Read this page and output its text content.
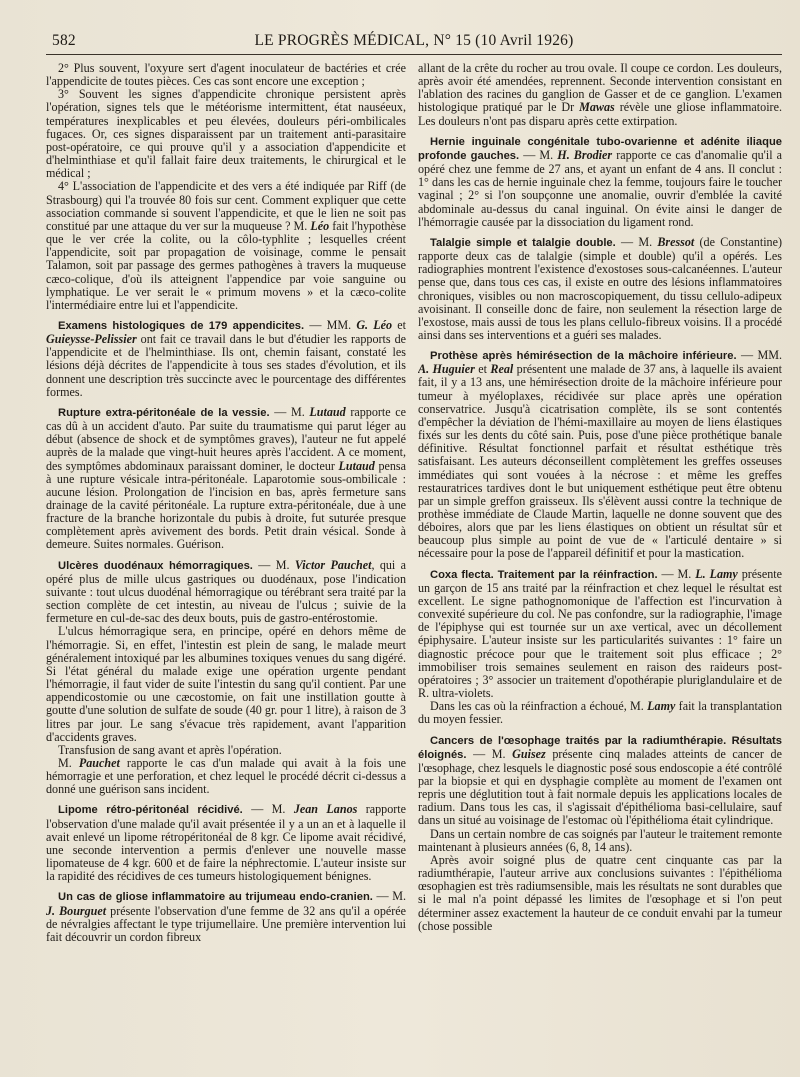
582	LE PROGRÈS MÉDICAL, N° 15 (10 Avril 1926)

2° Plus souvent, l'oxyure sert d'agent inoculateur de bactéries et crée l'appendicite de toutes pièces. Ces cas sont encore une exception ;

3° Souvent les signes d'appendicite chronique persistent après l'opération, signes tels que le météorisme intermittent, état nauséeux, températures inexplicables et peu élevées, douleurs péri-ombilicales fugaces. Or, ces signes disparaissent par un traitement anti-parasitaire post-opératoire, ce qui prouve qu'il y a association d'appendicite et d'helminthiase et qu'il fallait faire deux traitements, le chirurgical et le médical ;

4° L'association de l'appendicite et des vers a été indiquée par Riff (de Strasbourg) qui l'a trouvée 80 fois sur cent. Comment expliquer que cette association commande si souvent l'appendicite, et que le lien ne soit pas constitué par une attaque du ver sur la muqueuse ? M. Léo fait l'hypothèse que le ver crée la colite, ou la côlo-typhlite ; lesquelles créent l'appendicite, soit par propagation de voisinage, comme le pensait Talamon, soit par passage des germes pathogènes à travers la muqueuse cæco-colique, d'où ils atteignent l'appendice par voie sanguine ou lymphatique. Le ver serait le « primum movens » et la cæco-colite l'intermédiaire entre lui et l'appendicite.

Examens histologiques de 179 appendicites. — MM. G. Léo et Guieysse-Pelissier ont fait ce travail dans le but d'étudier les rapports de l'appendicite et de l'helminthiase. Ils ont, chemin faisant, constaté les lésions déjà décrites de l'appendicite à tous ses stades d'évolution, et ils donnent une description très succincte avec le pourcentage des différentes formes.

Rupture extra-péritonéale de la vessie. — M. Lutaud rapporte ce cas dû à un accident d'auto. Par suite du traumatisme qui parut léger au début (absence de shock et de symptômes graves), l'auteur ne fut appelé auprès de la malade que vingt-huit heures après l'accident. A ce moment, des symptômes abdominaux paraissant dominer, le docteur Lutaud pensa à une rupture vésicale intra-péritonéale. Laparotomie sous-ombilicale : aucune lésion. Prolongation de l'incision en bas, après fermeture sans drainage de la cavité péritonéale. La rupture extra-péritonéale, due à une fracture de la branche horizontale du pubis à droite, fut suturée presque complètement après avivement des bords. Petit drain vésical. Sonde à demeure. Suites normales. Guérison.

Ulcères duodénaux hémorragiques. — M. Victor Pauchet, qui a opéré plus de mille ulcus gastriques ou duodénaux, pose l'indication suivante : tout ulcus duodénal hémorragique ou térébrant sera traité par la section complète de cet intestin, au niveau de l'ulcus ; suivie de la fermeture en cul-de-sac des deux bouts, puis de gastro-entérostomie.

L'ulcus hémorragique sera, en principe, opéré en dehors même de l'hémorragie. Si, en effet, l'intestin est plein de sang, le malade meurt généralement intoxiqué par les albumines toxiques venues du sang digéré. Si l'état général du malade exige une opération urgente pendant l'hémorragie, il faut vider de suite l'intestin du sang qu'il contient. Par une appendicostomie ou une cæcostomie, on fait une instillation goutte à goutte d'une solution de sulfate de soude (40 gr. pour 1 litre), à raison de 3 litres par jour. Le sang s'évacue très rapidement, avant l'apparition d'accidents graves.

Transfusion de sang avant et après l'opération.

M. Pauchet rapporte le cas d'un malade qui avait à la fois une hémorragie et une perforation, et chez lequel le procédé décrit ci-dessus a donné une guérison sans incident.

Lipome rétro-péritonéal récidivé. — M. Jean Lanos rapporte l'observation d'une malade qu'il avait présentée il y a un an et à laquelle il avait enlevé un lipome rétropéritonéal de 8 kgr. Ce lipome avait récidivé, une seconde intervention a permis d'enlever une nouvelle masse lipomateuse de 4 kgr. 600 et de faire la néphrectomie. L'auteur insiste sur la rapidité des récidives de ces tumeurs histologiquement bénignes.

Un cas de gliose inflammatoire au trijumeau endo-cranien. — M. J. Bourguet présente l'observation d'une femme de 32 ans qu'il a opérée de névralgies affectant le type trijumellaire. Une première intervention lui fait découvrir un cordon fibreux

allant de la crête du rocher au trou ovale. Il coupe ce cordon. Les douleurs, après avoir été amendées, reprennent. Seconde intervention consistant en l'ablation des racines du ganglion de Gasser et de ce ganglion. L'examen histologique pratiqué par le Dr Mawas révèle une gliose inflammatoire. Les douleurs n'ont pas disparu après cette extirpation.

Hernie inguinale congénitale tubo-ovarienne et adénite iliaque profonde gauches. — M. H. Brodier rapporte ce cas d'anomalie qu'il a opéré chez une femme de 27 ans, et ayant un enfant de 4 ans. Il conclut : 1° dans les cas de hernie inguinale chez la femme, toujours faire le toucher vaginal ; 2° si l'on soupçonne une anomalie, ouvrir d'emblée la cavité abdominale au-dessus du canal inguinal. On évite ainsi le danger de l'hémorragie causée par la dissociation du ligament rond.

Talalgie simple et talalgie double. — M. Bressot (de Constantine) rapporte deux cas de talalgie (simple et double) qu'il a opérés. Les radiographies montrent l'existence d'exostoses sous-calcanéennes. L'auteur pense que, dans tous ces cas, il existe en outre des lésions inflammatoires chroniques, visibles ou non macroscopiquement, du tissu cellulo-adipeux avoisinant. Il conseille donc de faire, non seulement la résection large de l'exostose, mais aussi de tous les plans cellulo-fibreux voisins. Il a procédé ainsi dans ses interventions et a guéri ses malades.

Prothèse après hémirésection de la mâchoire inférieure. — MM. A. Huguier et Real présentent une malade de 37 ans, à laquelle ils avaient fait, il y a 13 ans, une hémirésection droite de la mâchoire inférieure pour tumeur à myéloplaxes, récidivée sur place après une opération conservatrice. Jusqu'à cicatrisation complète, ils se sont contentés d'empêcher la déviation de l'hémi-maxillaire au moyen de liens élastiques fixés sur les dents du côté sain. Puis, pose d'une pièce prothétique banale définitive. Résultat fonctionnel parfait et résultat esthétique très satisfaisant. Les auteurs déconseillent complètement les greffes osseuses immédiates qui sont vouées à la nécrose : et même les greffes restauratrices tardives dont le but uniquement esthétique peut être obtenu par un simple greffon graisseux. Ils s'élèvent aussi contre la technique de prothèse immédiate de Claude Martin, laquelle ne donne souvent que des déboires, alors que par les liens élastiques on obtient un résultat sûr et beaucoup plus simple au point de vue de « l'articulé dentaire » si nécessaire pour la pose de l'appareil définitif et pour la mastication.

Coxa flecta. Traitement par la réinfraction. — M. L. Lamy présente un garçon de 15 ans traité par la réinfraction et chez lequel le résultat est excellent. Le signe pathognomonique de l'affection est l'incurvation à convexité supérieure du col. Ne pas confondre, sur la radiographie, l'image de l'épiphyse qui est tournée sur un axe vertical, avec un décollement épiphysaire. L'auteur insiste sur les particularités suivantes : 1° faire un diagnostic précoce pour que le traitement soit plus efficace ; 2° immobiliser trois semaines seulement en raison des raideurs post-opératoires ; 3° associer un traitement d'opothérapie pluriglandulaire et de R. ultra-violets.

Dans les cas où la réinfraction a échoué, M. Lamy fait la transplantation du moyen fessier.

Cancers de l'œsophage traités par la radiumthérapie. Résultats éloignés. — M. Guisez présente cinq malades atteints de cancer de l'œsophage, chez lesquels le diagnostic posé sous endoscopie a été contrôlé par la biopsie et qui en dysphagie complète au moment de l'examen ont repris une déglutition tout à fait normale depuis les applications locales de radium. Dans tous les cas, il s'agissait d'épithélioma basi-cellulaire, sauf dans un situé au voisinage de l'estomac où l'épithélioma était cylindrique.

Dans un certain nombre de cas soignés par l'auteur le traitement remonte maintenant à plusieurs années (6, 8, 14 ans).

Après avoir soigné plus de quatre cent cinquante cas par la radiumthérapie, l'auteur arrive aux conclusions suivantes : l'épithélioma œsophagien est très radiumsensible, mais les résultats ne sont durables que si le mal n'a point dépassé les limites de l'œsophage et si l'on peut déterminer assez exactement la hauteur de ce conduit envahi par la tumeur (chose possible
